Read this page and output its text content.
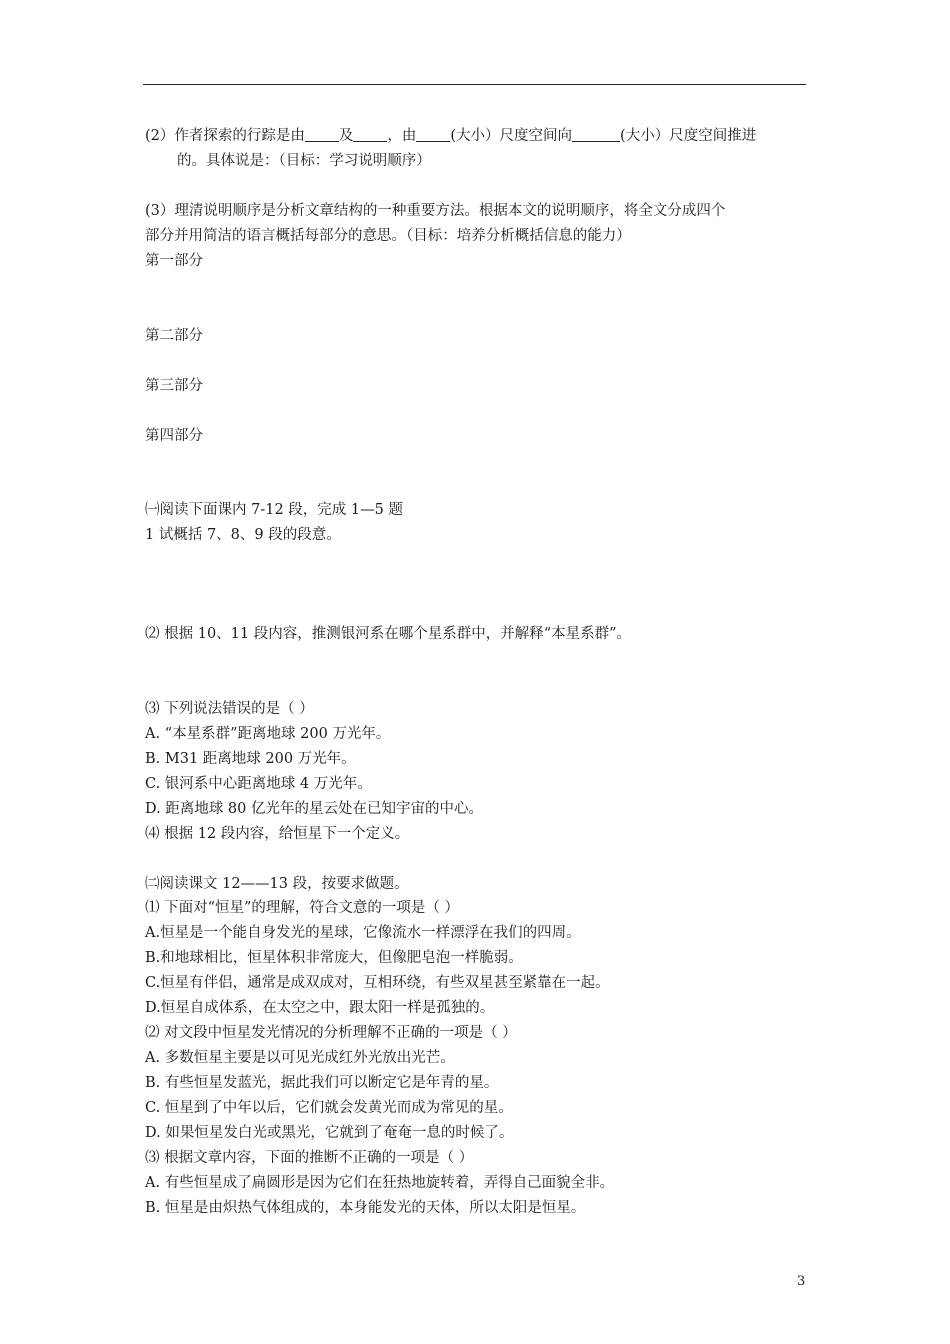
(2）作者探索的行踪是由 及 ，由 (大小）尺度空间向	(大小）尺度空间推进
的。具体说是：（目标：学习说明顺序）
(3）理清说明顺序是分析文章结构的一种重要方法。根据本文的说明顺序，将全文分成四个
部分并用简洁的语言概括每部分的意思。（目标：培养分析概括信息的能力）
第一部分
第二部分
第三部分
第四部分
㈠阅读下面课内 7-12 段，完成 1—5 题
1 试概括 7、8、9 段的段意。
⑵ 根据 10、11 段内容，推测银河系在哪个星系群中，并解释“本星系群”。
⑶ 下列说法错误的是（ ）
A. “本星系群”距离地球 200 万光年。
B. M31 距离地球 200 万光年。
C. 银河系中心距离地球 4 万光年。
D. 距离地球 80 亿光年的星云处在已知宇宙的中心。
⑷ 根据 12 段内容，给恒星下一个定义。
㈡阅读课文 12——13 段，按要求做题。
⑴ 下面对“恒星”的理解，符合文意的一项是（ ）
A.恒星是一个能自身发光的星球，它像流水一样漂浮在我们的四周。
B.和地球相比，恒星体积非常庞大，但像肥皂泡一样脆弱。
C.恒星有伴侣，通常是成双成对，互相环绕，有些双星甚至紧靠在一起。
D.恒星自成体系，在太空之中，跟太阳一样是孤独的。
⑵ 对文段中恒星发光情况的分析理解不正确的一项是（ ）
A. 多数恒星主要是以可见光成红外光放出光芒。
B. 有些恒星发蓝光，据此我们可以断定它是年青的星。
C. 恒星到了中年以后，它们就会发黄光而成为常见的星。
D. 如果恒星发白光或黑光，它就到了奄奄一息的时候了。
⑶ 根据文章内容，下面的推断不正确的一项是（ ）
A. 有些恒星成了扁圆形是因为它们在狂热地旋转着，弄得自己面貌全非。
B. 恒星是由炽热气体组成的，本身能发光的天体，所以太阳是恒星。
3
